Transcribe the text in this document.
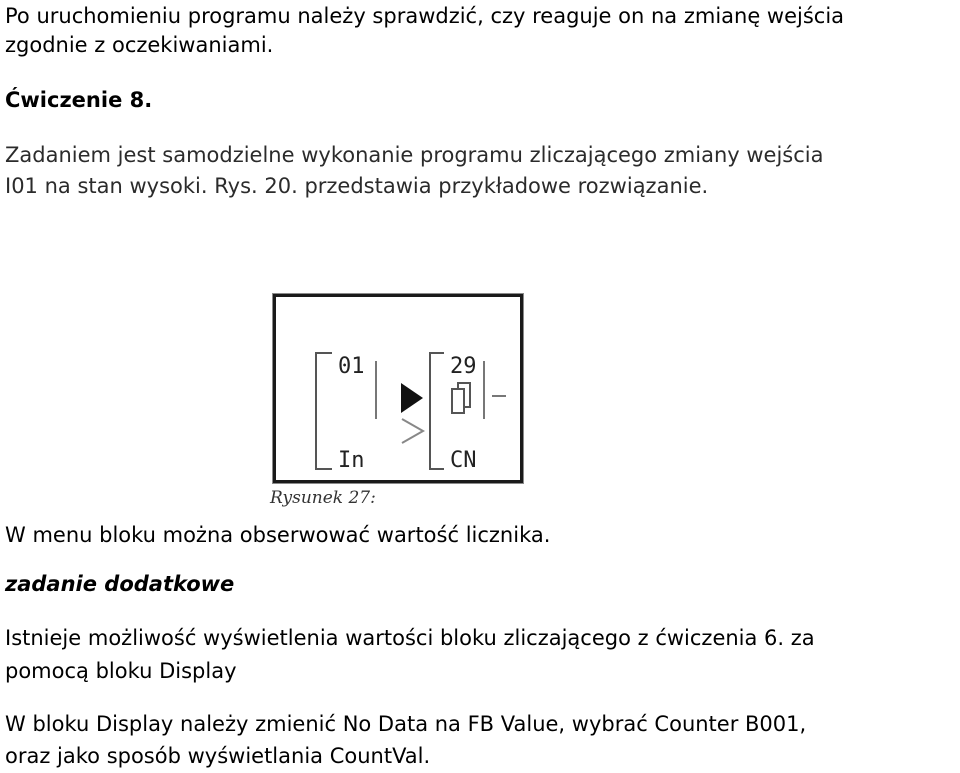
Po uruchomieniu programu należy sprawdzić, czy reaguje on na zmianę wejścia

zgodnie z oczekiwaniami.

Ćwiczenie 8.

Zadaniem jest samodzielne wykonanie programu zliczającego zmiany wejścia

I01 na stan wysoki. Rys. 20. przedstawia przykładowe rozwiązanie.

01
In
29
CN

Rysunek 27:

W menu bloku można obserwować wartość licznika.

zadanie dodatkowe

Istnieje możliwość wyświetlenia wartości bloku zliczającego z ćwiczenia 6. za

pomocą bloku Display

W bloku Display należy zmienić No Data na FB Value, wybrać Counter B001,

oraz jako sposób wyświetlania CountVal.
